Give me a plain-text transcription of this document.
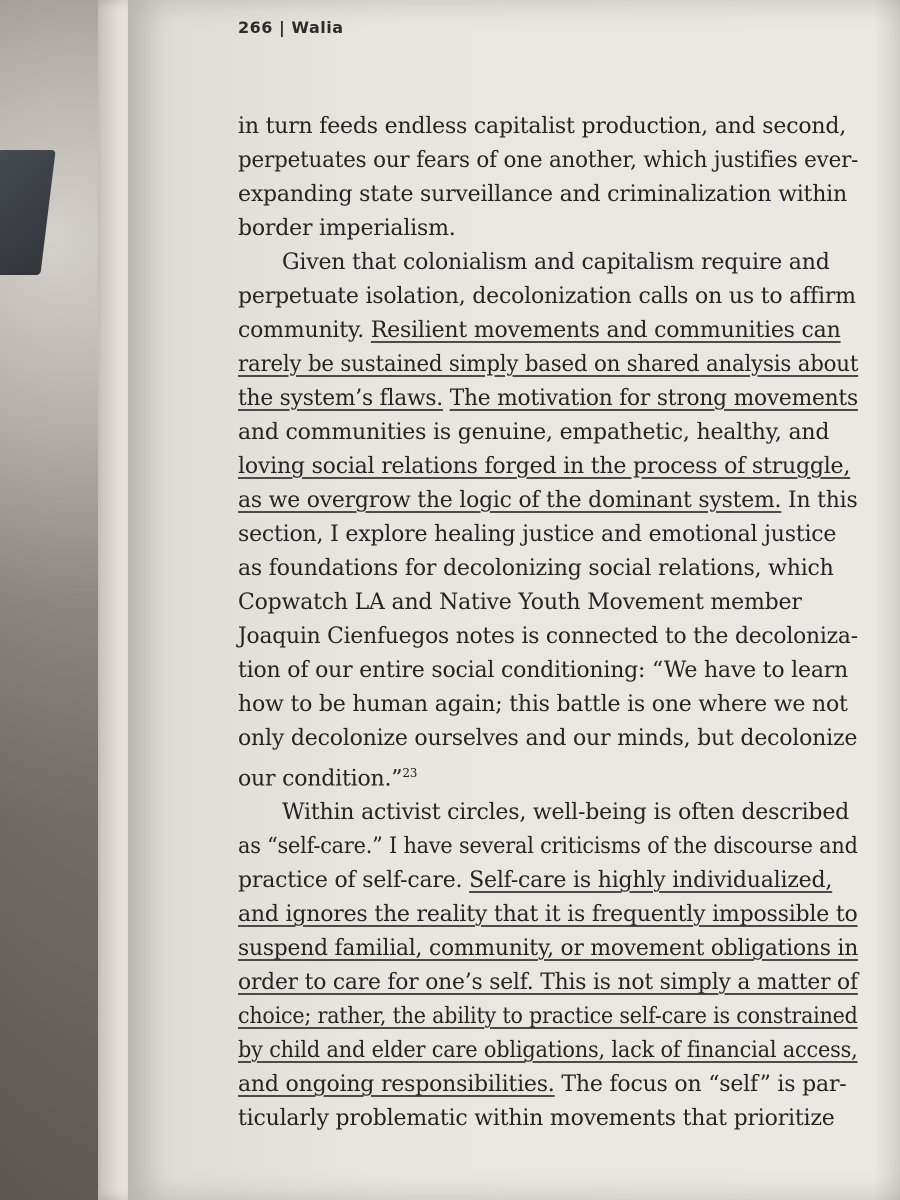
266 | Walia
in turn feeds endless capitalist production, and second,
perpetuates our fears of one another, which justifies ever-
expanding state surveillance and criminalization within
border imperialism.
Given that colonialism and capitalism require and
perpetuate isolation, decolonization calls on us to affirm
community. Resilient movements and communities can
rarely be sustained simply based on shared analysis about
the system’s flaws. The motivation for strong movements
and communities is genuine, empathetic, healthy, and
loving social relations forged in the process of struggle,
as we overgrow the logic of the dominant system. In this
section, I explore healing justice and emotional justice
as foundations for decolonizing social relations, which
Copwatch LA and Native Youth Movement member
Joaquin Cienfuegos notes is connected to the decoloniza-
tion of our entire social conditioning: “We have to learn
how to be human again; this battle is one where we not
only decolonize ourselves and our minds, but decolonize
our condition.”$^{23}$
Within activist circles, well-being is often described
as “self-care.” I have several criticisms of the discourse and
practice of self-care. Self-care is highly individualized,
and ignores the reality that it is frequently impossible to
suspend familial, community, or movement obligations in
order to care for one’s self. This is not simply a matter of
choice; rather, the ability to practice self-care is constrained
by child and elder care obligations, lack of financial access,
and ongoing responsibilities. The focus on “self” is par-
ticularly problematic within movements that prioritize
